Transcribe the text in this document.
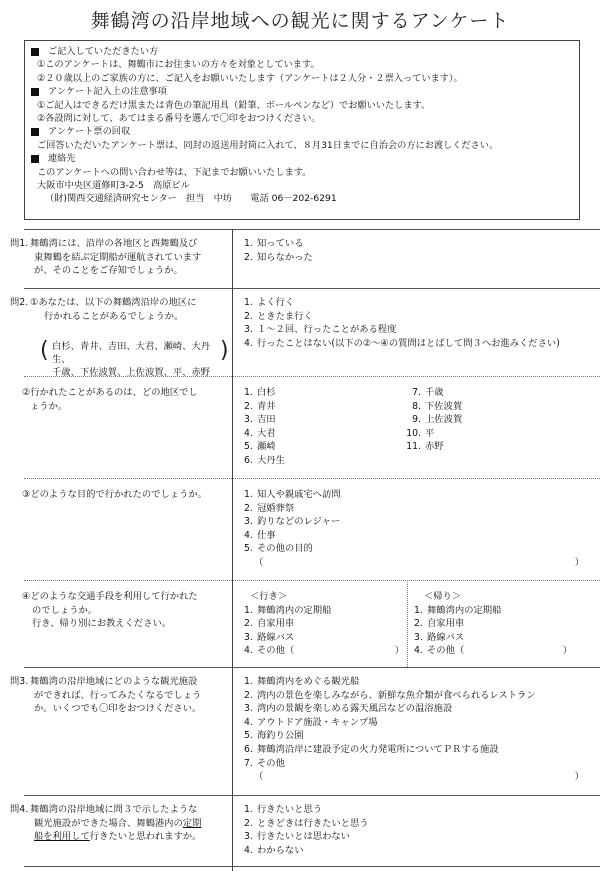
舞鶴湾の沿岸地域への観光に関するアンケート
ご記入していただきたい方
①このアンケートは、舞鶴市にお住まいの方々を対象としています。
②２０歳以上のご家族の方に、ご記入をお願いいたします（アンケートは２人分・２票入っています）。
アンケート記入上の注意事項
①ご記入はできるだけ黒または青色の筆記用具（鉛筆、ボールペンなど）でお願いいたします。
②各設問に対して、あてはまる番号を選んで〇印をおつけください。
アンケート票の回収
ご回答いただいたアンケート票は、同封の返送用封筒に入れて、８月31日までに自治会の方にお渡しください。
連絡先
このアンケートへの問い合わせ等は、下記までお願いいたします。
大阪市中央区道修町3-2-5　高原ビル
（財)関西交通経済研究センター　担当　中坊　　電話 06－202-6291
問1. 舞鶴湾には、沿岸の各地区と西舞鶴及び
東舞鶴を結ぶ定期船が運航されています
が、そのことをご存知でしょうか。
1. 知っている
2. 知らなかった
問2. ①あなたは、以下の舞鶴湾沿岸の地区に
行かれることがあるでしょうか。
( 白杉、青井、吉田、大君、瀬崎、大丹生、
千歳、下佐波賀、上佐波賀、平、赤野
)
1. よく行く
2. ときたま行く
3. １～２回、行ったことがある程度
4. 行ったことはない(以下の②～④の質問はとばして問３へお進みください)
②行かれたことがあるのは、どの地区でし
ょうか。
1. 白杉
2. 青井
3. 吉田
4. 大君
5. 瀬崎
6. 大丹生
7. 千歳
8. 下佐波賀
9. 上佐波賀
10. 平
11. 赤野
③どのような目的で行かれたのでしょうか。	1. 知人や親戚宅へ訪問
2. 冠婚葬祭
3. 釣りなどのレジャー
4. 仕事
5. その他の目的
（	）
④どのような交通手段を利用して行かれた
のでしょうか。
行き、帰り別にお教えください。
＜行き＞
1. 舞鶴湾内の定期船
2. 自家用車
3. 路線バス
4. その他（	）
＜帰り＞
1. 舞鶴湾内の定期船
2. 自家用車
3. 路線バス
4. その他（	）
問3. 舞鶴湾の沿岸地域にどのような観光施設
ができれば、行ってみたくなるでしょう
か。いくつでも〇印をおつけください。
1. 舞鶴湾内をめぐる観光船
2. 湾内の景色を楽しみながら、新鮮な魚介類が食べられるレストラン
3. 湾内の景観を楽しめる露天風呂などの温浴施設
4. アウトドア施設・キャンプ場
5. 海釣り公園
6. 舞鶴湾沿岸に建設予定の火力発電所についてＰＲする施設
7. その他
（	）
問4. 舞鶴湾の沿岸地域に問３で示したような
観光施設ができた場合、舞鶴港内の定期
船を利用して行きたいと思われますか。
1. 行きたいと思う
2. ときどきは行きたいと思う
3. 行きたいとは思わない
4. わからない
